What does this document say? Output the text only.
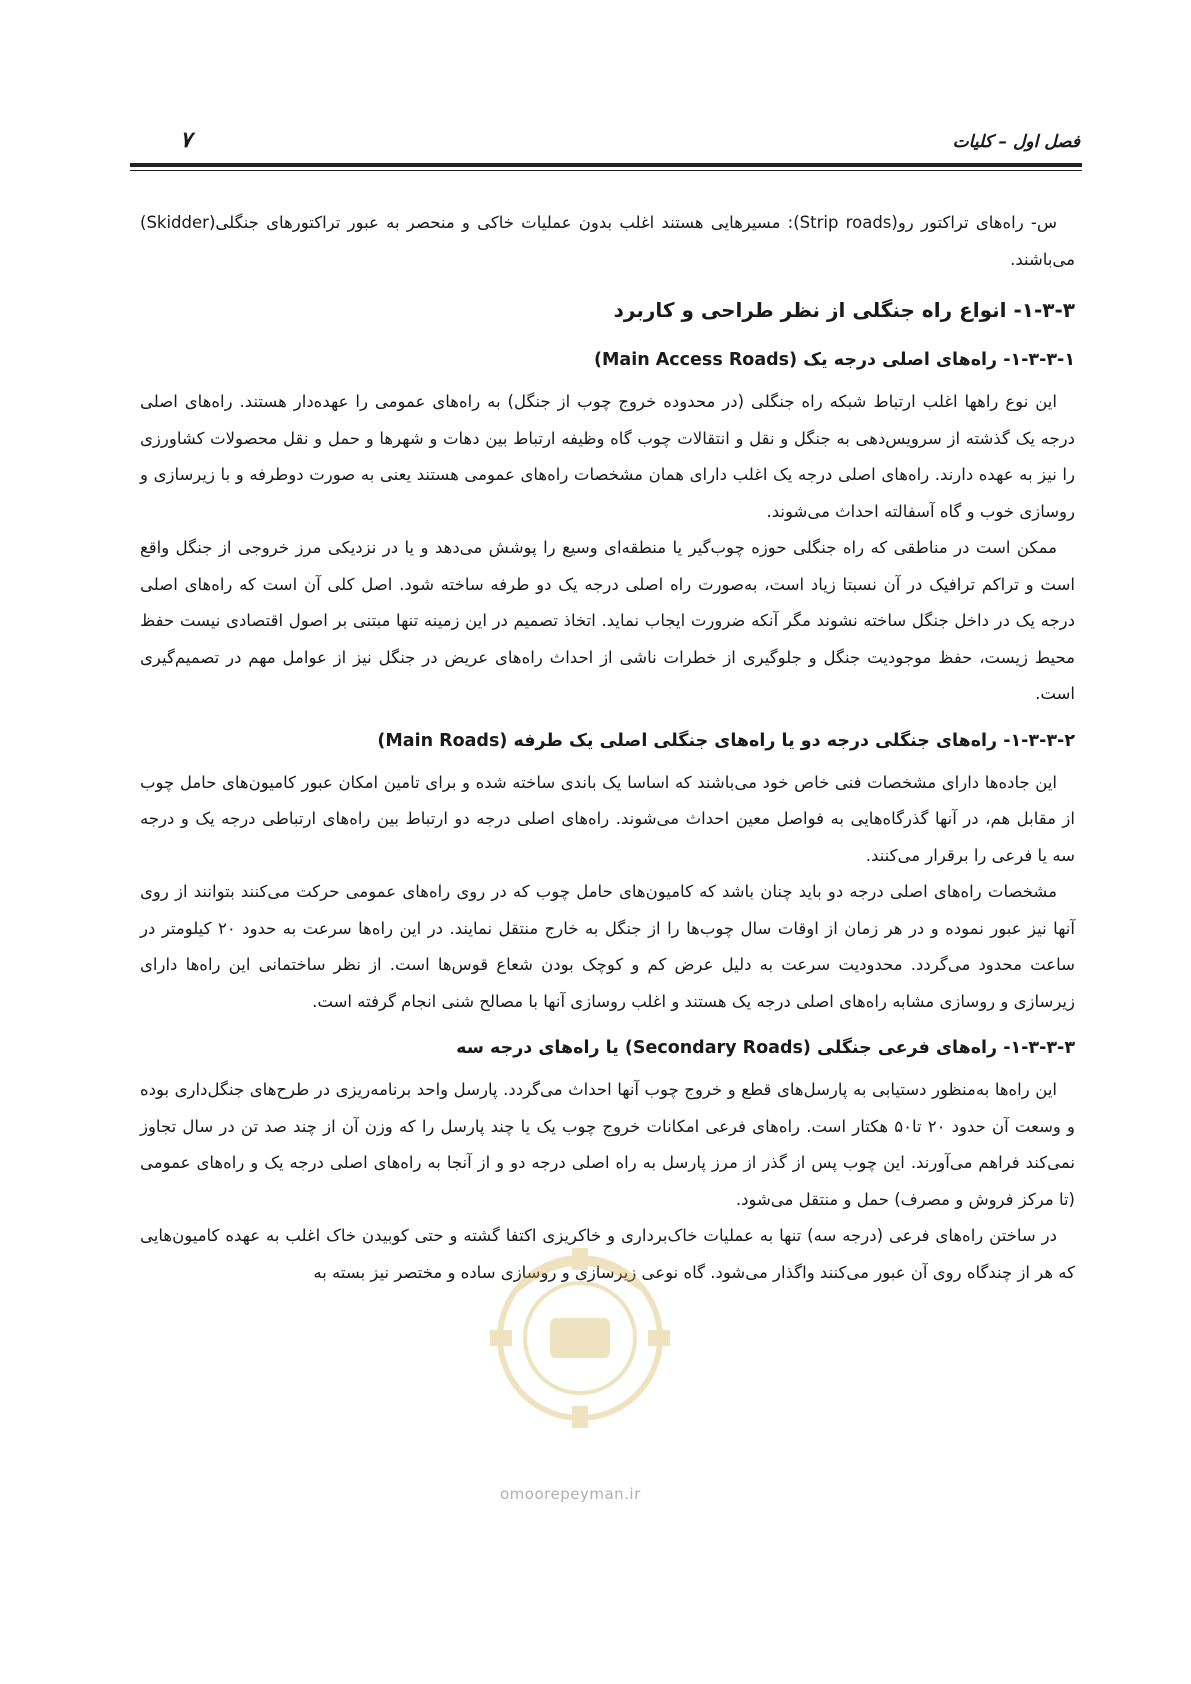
فصل اول – کلیات
۷

س- راه‌های تراکتور رو(Strip roads): مسیرهایی هستند اغلب بدون عملیات خاکی و منحصر به عبور تراکتورهای جنگلی(Skidder) می‌باشند.

۱-۳-۳- انواع راه جنگلی از نظر طراحی و کاربرد
۱-۳-۳-۱- راه‌های اصلی درجه یک (Main Access Roads)

این نوع راهها اغلب ارتباط شبکه راه جنگلی (در محدوده خروج چوب از جنگل) به راه‌های عمومی را عهده‌دار هستند. راه‌های اصلی درجه یک گذشته از سرویس‌دهی به جنگل و نقل و انتقالات چوب گاه وظیفه ارتباط بین دهات و شهرها و حمل و نقل محصولات کشاورزی را نیز به عهده دارند. راه‌های اصلی درجه یک اغلب دارای همان مشخصات راه‌های عمومی هستند یعنی به صورت دوطرفه و با زیرسازی و روسازی خوب و گاه آسفالته احداث می‌شوند.

ممکن است در مناطقی که راه جنگلی حوزه چوب‌گیر یا منطقه‌ای وسیع را پوشش می‌دهد و یا در نزدیکی مرز خروجی از جنگل واقع است و تراکم ترافیک در آن نسبتا زیاد است، به‌صورت راه اصلی درجه یک دو طرفه ساخته شود. اصل کلی آن است که راه‌های اصلی درجه یک در داخل جنگل ساخته نشوند مگر آنکه ضرورت ایجاب نماید. اتخاذ تصمیم در این زمینه تنها مبتنی بر اصول اقتصادی نیست حفظ محیط زیست، حفظ موجودیت جنگل و جلوگیری از خطرات ناشی از احداث راه‌های عریض در جنگل نیز از عوامل مهم در تصمیم‌گیری است.

۱-۳-۳-۲- راه‌های جنگلی درجه دو یا راه‌های جنگلی اصلی یک طرفه (Main Roads)

این جاده‌ها دارای مشخصات فنی خاص خود می‌باشند که اساسا یک باندی ساخته شده و برای تامین امکان عبور کامیون‌های حامل چوب از مقابل هم، در آنها گذرگاه‌هایی به فواصل معین احداث می‌شوند. راه‌های اصلی درجه دو ارتباط بین راه‌های ارتباطی درجه یک و درجه سه یا فرعی را برقرار می‌کنند.

مشخصات راه‌های اصلی درجه دو باید چنان باشد که کامیون‌های حامل چوب که در روی راه‌های عمومی حرکت می‌کنند بتوانند از روی آنها نیز عبور نموده و در هر زمان از اوقات سال چوب‌ها را از جنگل به خارج منتقل نمایند. در این راه‌ها سرعت به حدود ۲۰ کیلومتر در ساعت محدود می‌گردد. محدودیت سرعت به دلیل عرض کم و کوچک بودن شعاع قوس‌ها است. از نظر ساختمانی این راه‌ها دارای زیرسازی و روسازی مشابه راه‌های اصلی درجه یک هستند و اغلب روسازی آنها با مصالح شنی انجام گرفته است.

۱-۳-۳-۳- راه‌های فرعی جنگلی (Secondary Roads) یا راه‌های درجه سه

این راه‌ها به‌منظور دستیابی به پارسل‌های قطع و خروج چوب آنها احداث می‌گردد. پارسل واحد برنامه‌ریزی در طرح‌های جنگل‌داری بوده و وسعت آن حدود ۲۰ تا۵۰ هکتار است. راه‌های فرعی امکانات خروج چوب یک یا چند پارسل را که وزن آن از چند صد تن در سال تجاوز نمی‌کند فراهم می‌آورند. این چوب پس از گذر از مرز پارسل به راه اصلی درجه دو و از آنجا به راه‌های اصلی درجه یک و راه‌های عمومی (تا مرکز فروش و مصرف) حمل و منتقل می‌شود.

در ساختن راه‌های فرعی (درجه سه) تنها به عملیات خاک‌برداری و خاکریزی اکتفا گشته و حتی کوبیدن خاک اغلب به عهده کامیون‌هایی که هر از چندگاه روی آن عبور می‌کنند واگذار می‌شود. گاه نوعی زیرسازی و روسازی ساده و مختصر نیز بسته به

omoorepeyman.ir
